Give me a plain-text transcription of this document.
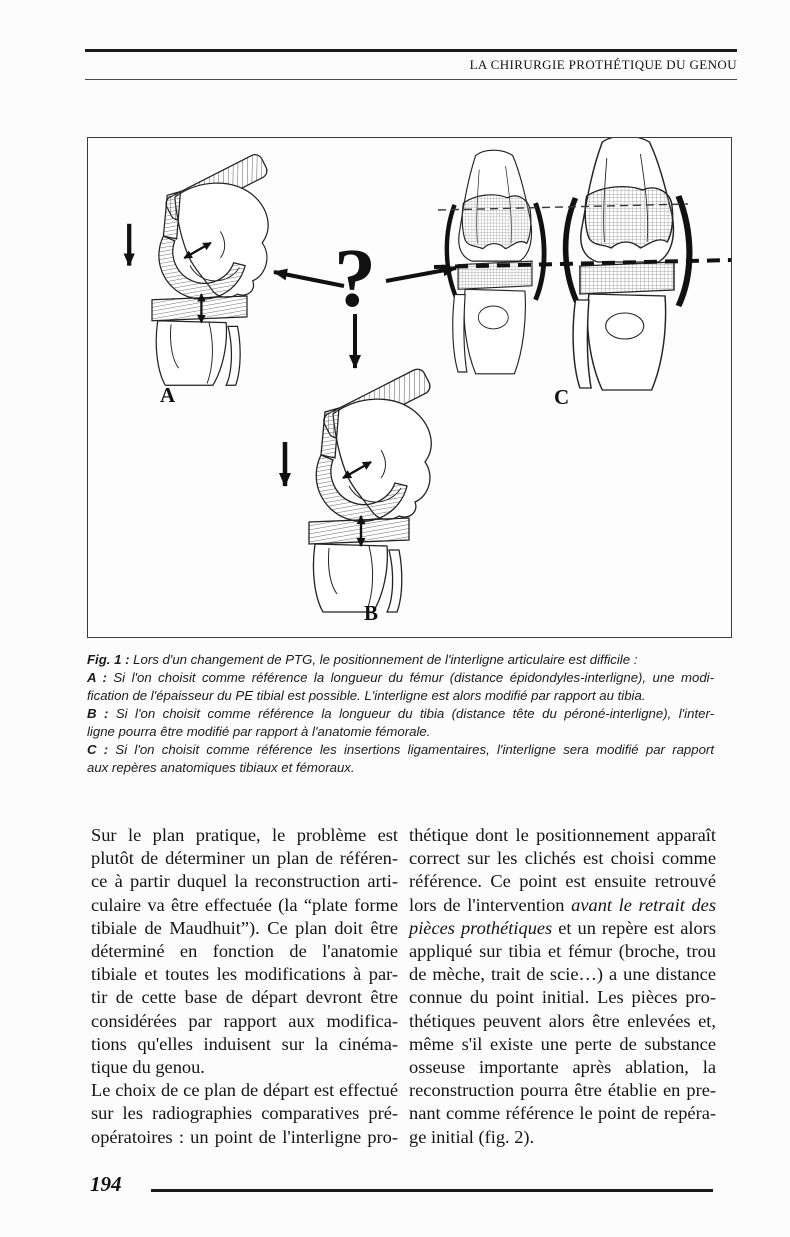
LA CHIRURGIE PROTHÉTIQUE DU GENOU
?
A
B
C
Fig. 1 : Lors d'un changement de PTG, le positionnement de l'interligne articulaire est difficile :
A : Si l'on choisit comme référence la longueur du fémur (distance épidondyles-interligne), une modi-
fication de l'épaisseur du PE tibial est possible. L'interligne est alors modifié par rapport au tibia.
B : Si l'on choisit comme référence la longueur du tibia (distance tête du péroné-interligne), l'inter-
ligne pourra être modifié par rapport à l'anatomie fémorale.
C : Si l'on choisit comme référence les insertions ligamentaires, l'interligne sera modifié par rapport
aux repères anatomiques tibiaux et fémoraux.
Sur le plan pratique, le problème est
plutôt de déterminer un plan de référen-
ce à partir duquel la reconstruction arti-
culaire va être effectuée (la “plate forme
tibiale de Maudhuit”). Ce plan doit être
déterminé en fonction de l'anatomie
tibiale et toutes les modifications à par-
tir de cette base de départ devront être
considérées par rapport aux modifica-
tions qu'elles induisent sur la cinéma-
tique du genou.
Le choix de ce plan de départ est effectué
sur les radiographies comparatives pré-
opératoires : un point de l'interligne pro-
thétique dont le positionnement apparaît
correct sur les clichés est choisi comme
référence. Ce point est ensuite retrouvé
lors de l'intervention avant le retrait des
pièces prothétiques et un repère est alors
appliqué sur tibia et fémur (broche, trou
de mèche, trait de scie…) a une distance
connue du point initial. Les pièces pro-
thétiques peuvent alors être enlevées et,
même s'il existe une perte de substance
osseuse importante après ablation, la
reconstruction pourra être établie en pre-
nant comme référence le point de repéra-
ge initial (fig. 2).
194
